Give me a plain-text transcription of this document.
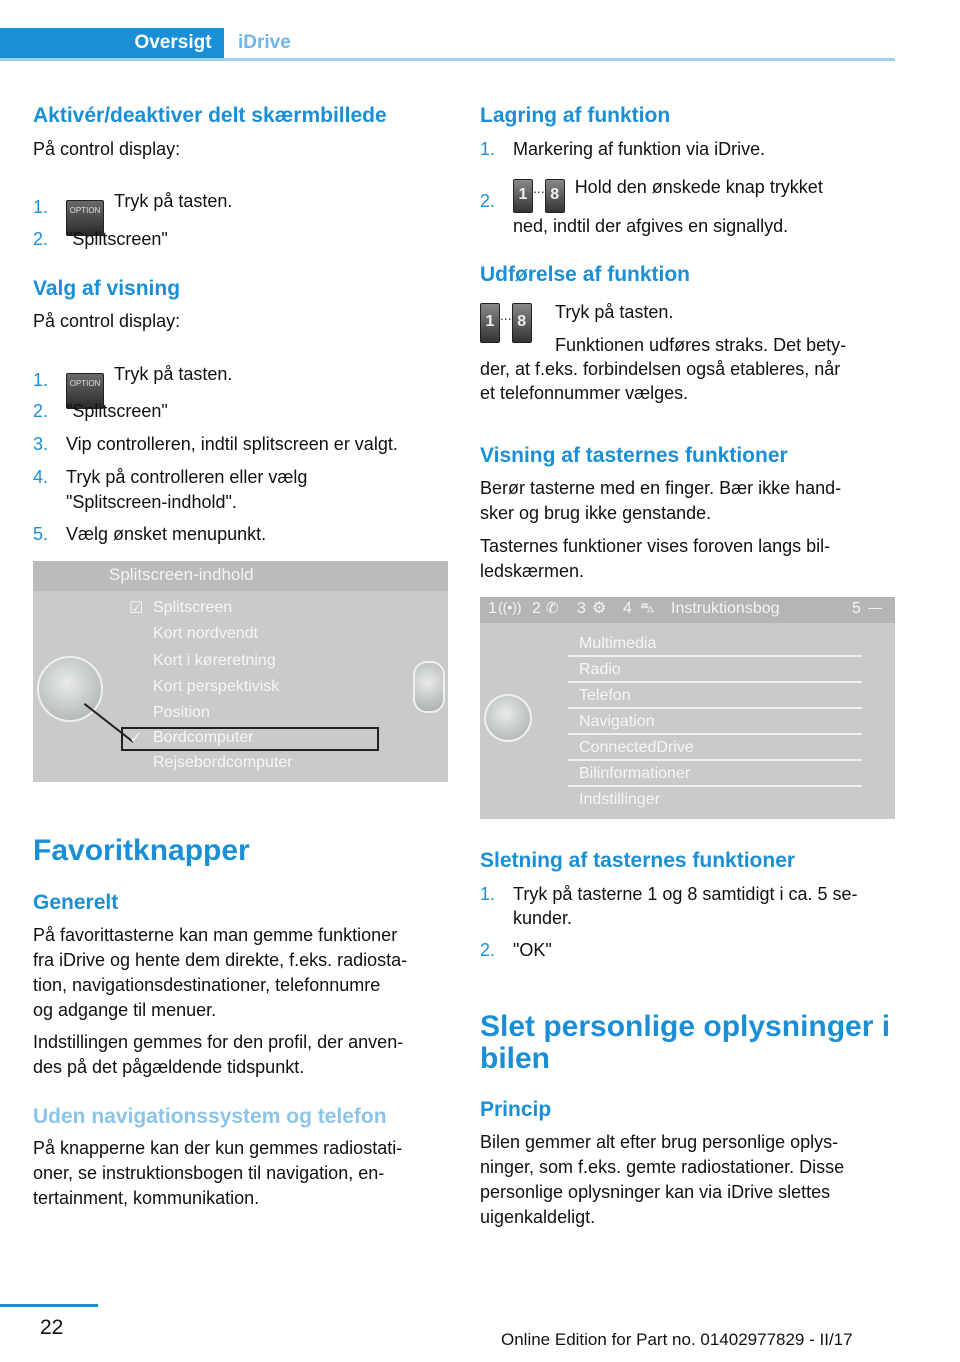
Oversigt	iDrive
Aktivér/deaktiver delt skærmbillede
På control display:
1.	OPTION Tryk på tasten.
2. "Splitscreen"
Valg af visning
På control display:
1.	OPTION Tryk på tasten.
2. "Splitscreen"
3. Vip controlleren, indtil splitscreen er valgt.
4. Tryk på controlleren eller vælg
"Splitscreen-indhold".
5. Vælg ønsket menupunkt.
Splitscreen-indhold
☑ Splitscreen
Kort nordvendt
Kort i køreretning
Kort perspektivisk
Position
✓ Bordcomputer
Rejsebordcomputer
Favoritknapper
Generelt
På favorittasterne kan man gemme funktioner
fra iDrive og hente dem direkte, f.eks. radiosta‐
tion, navigationsdestinationer, telefonnumre
og adgange til menuer.
Indstillingen gemmes for den profil, der anven‐
des på det pågældende tidspunkt.
Uden navigationssystem og telefon
På knapperne kan der kun gemmes radiostati‐
oner, se instruktionsbogen til navigation, en‐
tertainment, kommunikation.
Lagring af funktion
1. Markering af funktion via iDrive.
2.	1 ... 8 Hold den ønskede knap trykket
ned, indtil der afgives en signallyd.
Udførelse af funktion
1 ... 8	Tryk på tasten.
Funktionen udføres straks. Det bety‐
der, at f.eks. forbindelsen også etableres, når
et telefonnummer vælges.
Visning af tasternes funktioner
Berør tasterne med en finger. Bær ikke hand‐
sker og brug ikke genstande.
Tasternes funktioner vises foroven langs bil‐
ledskærmen.
1 ((•)) 2 ✆ 3 ⚙ 4 ⛍ Instruktionsbog	5 —
Multimedia
Radio
Telefon
Navigation
ConnectedDrive
Bilinformationer
Indstillinger
Sletning af tasternes funktioner
1. Tryk på tasterne 1 og 8 samtidigt i ca. 5 se‐
kunder.
2. "OK"
Slet personlige oplysninger i
bilen
Princip
Bilen gemmer alt efter brug personlige oplys‐
ninger, som f.eks. gemte radiostationer. Disse
personlige oplysninger kan via iDrive slettes
uigenkaldeligt.
22
Online Edition for Part no. 01402977829 - II/17
